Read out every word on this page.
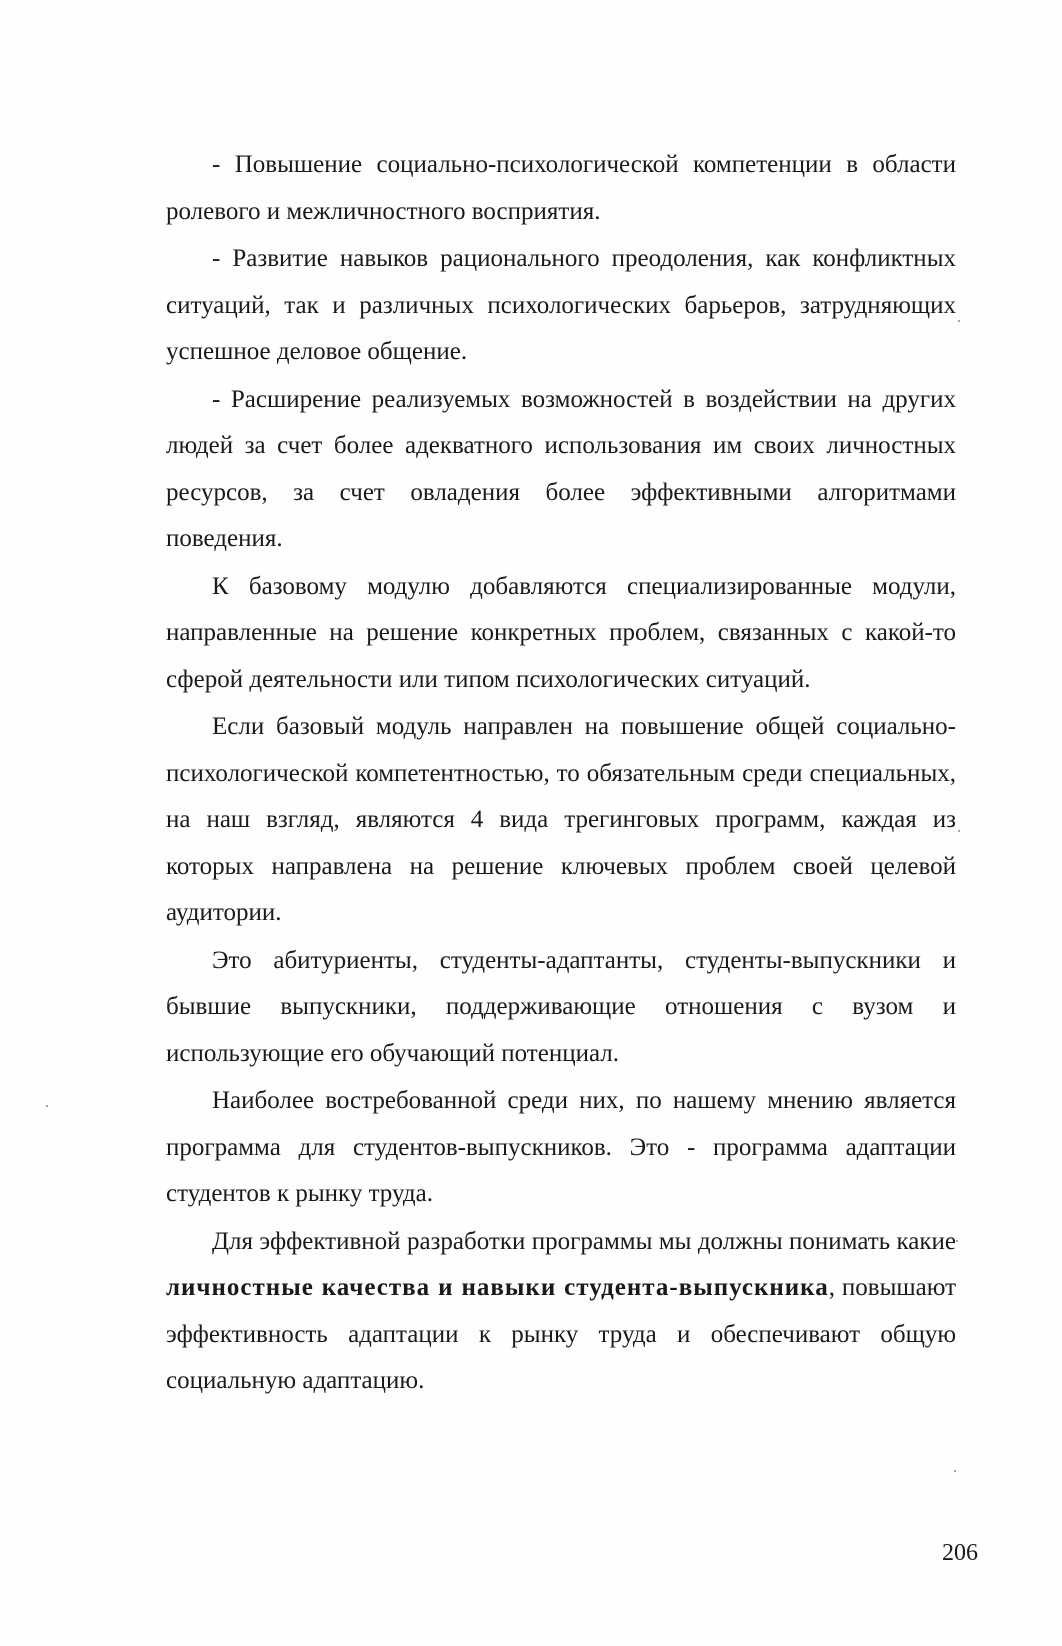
- Повышение социально-психологической компетенции в области ролевого и межличностного восприятия.

- Развитие навыков рационального преодоления, как конфликтных ситуаций, так и различных психологических барьеров, затрудняющих успешное деловое общение.

- Расширение реализуемых возможностей в воздействии на других людей за счет более адекватного использования им своих личностных ресурсов, за счет овладения более эффективными алгоритмами поведения.

К базовому модулю добавляются специализированные модули, направленные на решение конкретных проблем, связанных с какой-то сферой деятельности или типом психологических ситуаций.

Если базовый модуль направлен на повышение общей социально-психологической компетентностью, то обязательным среди специальных, на наш взгляд, являются 4 вида трегинговых программ, каждая из которых направлена на решение ключевых проблем своей целевой аудитории.

Это абитуриенты, студенты-адаптанты, студенты-выпускники и бывшие выпускники, поддерживающие отношения с вузом и использующие его обучающий потенциал.

Наиболее востребованной среди них, по нашему мнению является программа для студентов-выпускников. Это - программа адаптации студентов к рынку труда.

Для эффективной разработки программы мы должны понимать какие личностные качества и навыки студента-выпускника, повышают эффективность адаптации к рынку труда и обеспечивают общую социальную адаптацию.

206
